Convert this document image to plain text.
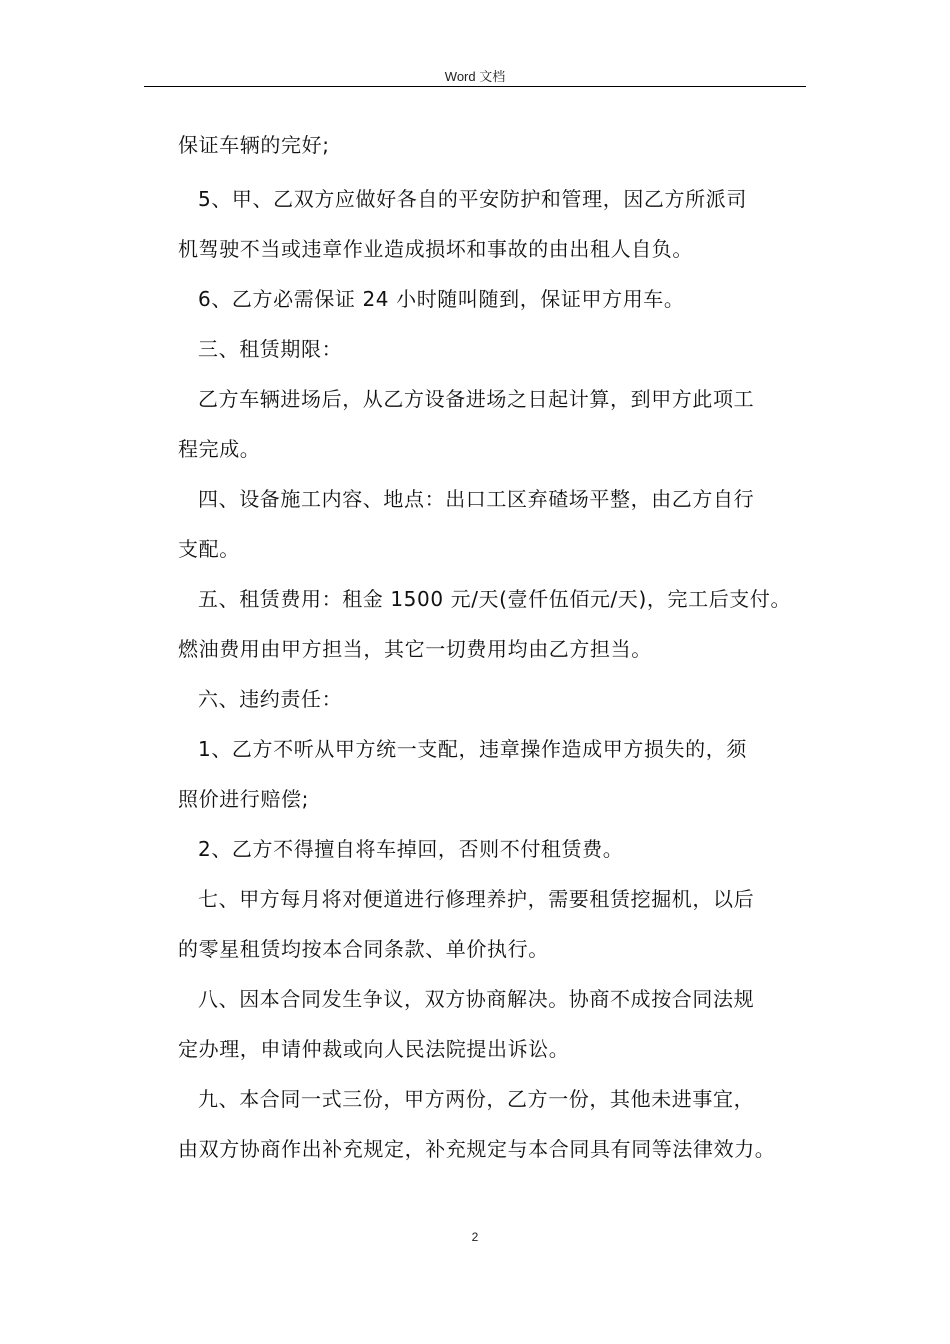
Word 文档
保证车辆的完好;
5、甲、乙双方应做好各自的平安防护和管理，因乙方所派司
机驾驶不当或违章作业造成损坏和事故的由出租人自负。
6、乙方必需保证 24 小时随叫随到，保证甲方用车。
三、租赁期限：
乙方车辆进场后，从乙方设备进场之日起计算，到甲方此项工
程完成。
四、设备施工内容、地点：出口工区弃碴场平整，由乙方自行
支配。
五、租赁费用：租金 1500 元/天(壹仟伍佰元/天)，完工后支付。
燃油费用由甲方担当，其它一切费用均由乙方担当。
六、违约责任：
1、乙方不听从甲方统一支配，违章操作造成甲方损失的，须
照价进行赔偿;
2、乙方不得擅自将车掉回，否则不付租赁费。
七、甲方每月将对便道进行修理养护，需要租赁挖掘机，以后
的零星租赁均按本合同条款、单价执行。
八、因本合同发生争议，双方协商解决。协商不成按合同法规
定办理，申请仲裁或向人民法院提出诉讼。
九、本合同一式三份，甲方两份，乙方一份，其他未进事宜，
由双方协商作出补充规定，补充规定与本合同具有同等法律效力。
2
